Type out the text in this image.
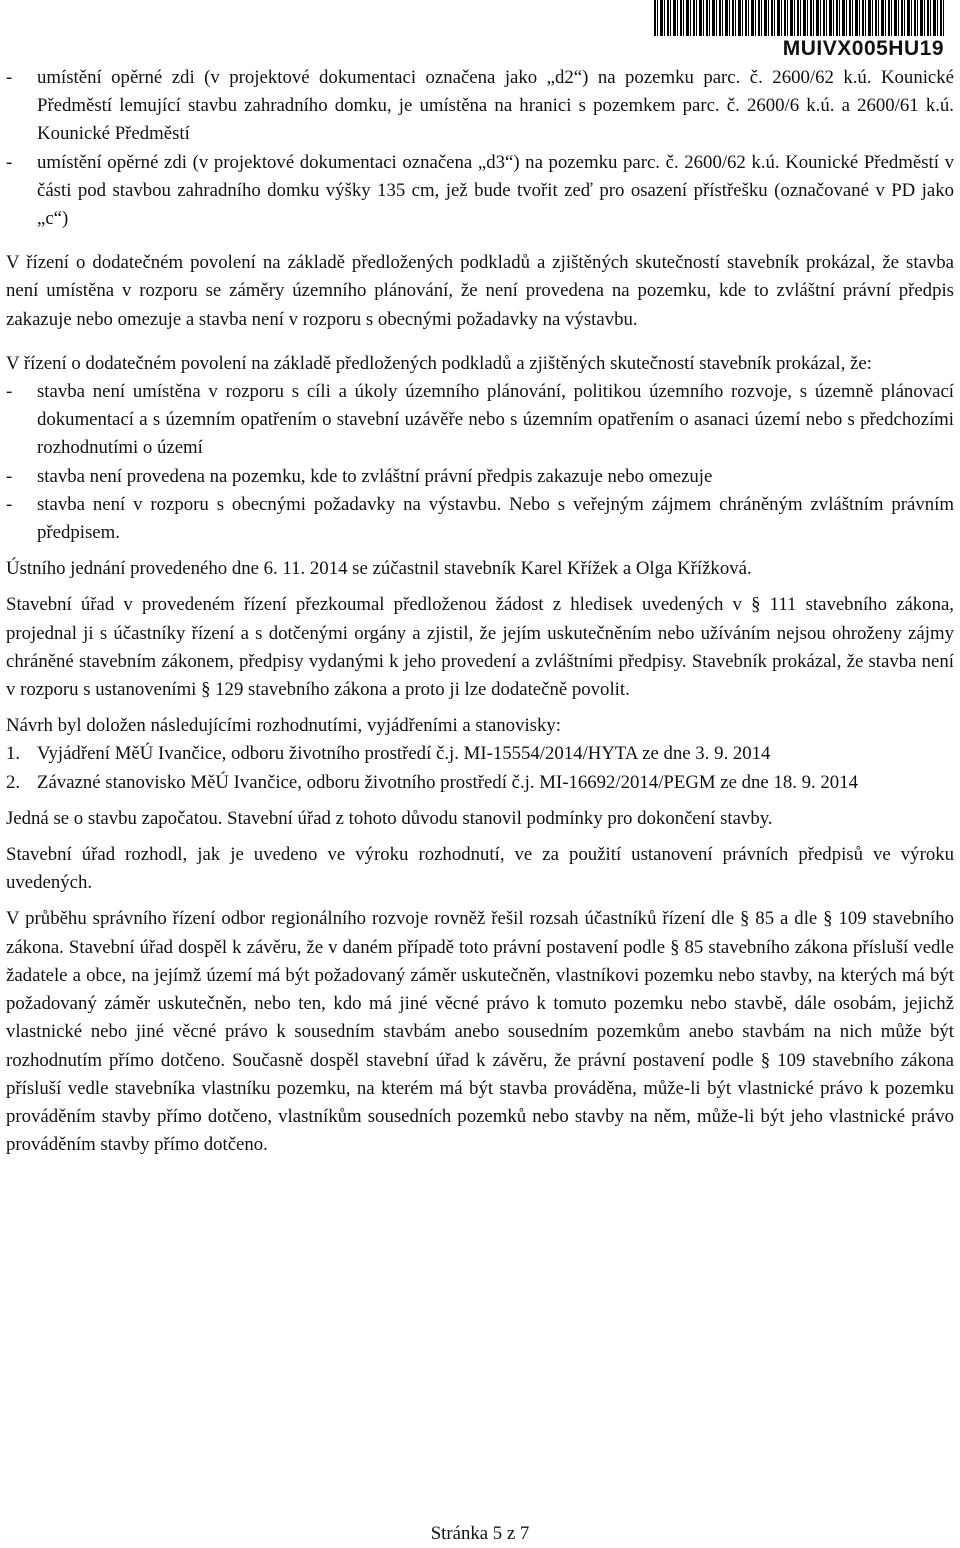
MUIVX005HU19
-	umístění opěrné zdi (v projektové dokumentaci označena jako „d2“) na pozemku parc. č. 2600/62 k.ú. Kounické Předměstí lemující stavbu zahradního domku, je umístěna na hranici s pozemkem parc. č. 2600/6 k.ú. a 2600/61 k.ú. Kounické Předměstí
-	umístění opěrné zdi (v projektové dokumentaci označena „d3“) na pozemku parc. č. 2600/62 k.ú. Kounické Předměstí v části pod stavbou zahradního domku výšky 135 cm, jež bude tvořit zeď pro osazení přístřešku (označované v PD jako „c“)

V řízení o dodatečném povolení na základě předložených podkladů a zjištěných skutečností stavebník prokázal, že stavba není umístěna v rozporu se záměry územního plánování, že není provedena na pozemku, kde to zvláštní právní předpis zakazuje nebo omezuje a stavba není v rozporu s obecnými požadavky na výstavbu.

V řízení o dodatečném povolení na základě předložených podkladů a zjištěných skutečností stavebník prokázal, že:

-	stavba není umístěna v rozporu s cíli a úkoly územního plánování, politikou územního rozvoje, s územně plánovací dokumentací a s územním opatřením o stavební uzávěře nebo s územním opatřením o asanaci území nebo s předchozími rozhodnutími o území
-	stavba není provedena na pozemku, kde to zvláštní právní předpis zakazuje nebo omezuje
-	stavba není v rozporu s obecnými požadavky na výstavbu. Nebo s veřejným zájmem chráněným zvláštním právním předpisem.

Ústního jednání provedeného dne 6. 11. 2014 se zúčastnil stavebník Karel Křížek a Olga Křížková.

Stavební úřad v provedeném řízení přezkoumal předloženou žádost z hledisek uvedených v § 111 stavebního zákona, projednal ji s účastníky řízení a s dotčenými orgány a zjistil, že jejím uskutečněním nebo užíváním nejsou ohroženy zájmy chráněné stavebním zákonem, předpisy vydanými k jeho provedení a zvláštními předpisy. Stavebník prokázal, že stavba není v rozporu s ustanoveními § 129 stavebního zákona a proto ji lze dodatečně povolit.

Návrh byl doložen následujícími rozhodnutími, vyjádřeními a stanovisky:

1. Vyjádření MěÚ Ivančice, odboru životního prostředí č.j. MI-15554/2014/HYTA ze dne 3. 9. 2014
2. Závazné stanovisko MěÚ Ivančice, odboru životního prostředí č.j. MI-16692/2014/PEGM ze dne 18. 9. 2014

Jedná se o stavbu započatou. Stavební úřad z tohoto důvodu stanovil podmínky pro dokončení stavby.

Stavební úřad rozhodl, jak je uvedeno ve výroku rozhodnutí, ve za použití ustanovení právních předpisů ve výroku uvedených.

V průběhu správního řízení odbor regionálního rozvoje rovněž řešil rozsah účastníků řízení dle § 85 a dle § 109 stavebního zákona. Stavební úřad dospěl k závěru, že v daném případě toto právní postavení podle § 85 stavebního zákona přísluší vedle žadatele a obce, na jejímž území má být požadovaný záměr uskutečněn, vlastníkovi pozemku nebo stavby, na kterých má být požadovaný záměr uskutečněn, nebo ten, kdo má jiné věcné právo k tomuto pozemku nebo stavbě, dále osobám, jejichž vlastnické nebo jiné věcné právo k sousedním stavbám anebo sousedním pozemkům anebo stavbám na nich může být rozhodnutím přímo dotčeno. Současně dospěl stavební úřad k závěru, že právní postavení podle § 109 stavebního zákona přísluší vedle stavebníka vlastníku pozemku, na kterém má být stavba prováděna, může-li být vlastnické právo k pozemku prováděním stavby přímo dotčeno, vlastníkům sousedních pozemků nebo stavby na něm, může-li být jeho vlastnické právo prováděním stavby přímo dotčeno.

Stránka 5 z 7
